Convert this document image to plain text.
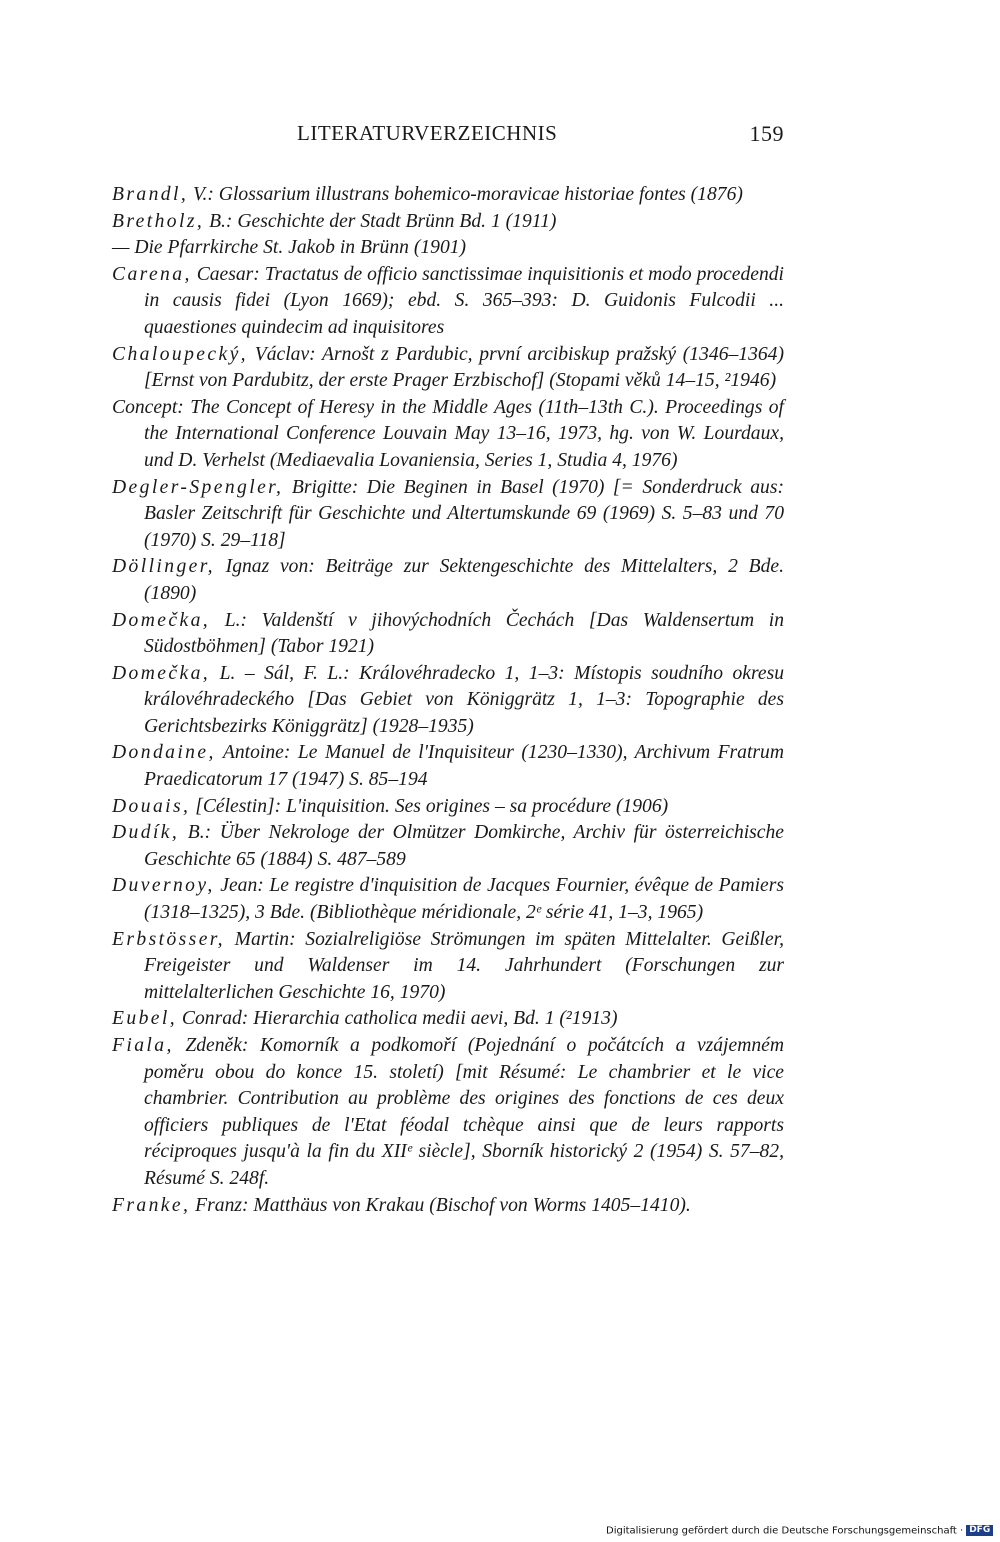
LITERATURVERZEICHNIS	159

Brandl, V.: Glossarium illustrans bohemico-moravicae historiae fontes (1876)

Bretholz, B.: Geschichte der Stadt Brünn Bd. 1 (1911)

— Die Pfarrkirche St. Jakob in Brünn (1901)

Carena, Caesar: Tractatus de officio sanctissimae inquisitionis et modo procedendi in causis fidei (Lyon 1669); ebd. S. 365–393: D. Guidonis Fulcodii ... quaestiones quindecim ad inquisitores

Chaloupecký, Václav: Arnošt z Pardubic, první arcibiskup pražský (1346–1364) [Ernst von Pardubitz, der erste Prager Erzbischof] (Stopami věků 14–15, ²1946)

Concept: The Concept of Heresy in the Middle Ages (11th–13th C.). Proceedings of the International Conference Louvain May 13–16, 1973, hg. von W. Lourdaux, und D. Verhelst (Mediaevalia Lovaniensia, Series 1, Studia 4, 1976)

Degler-Spengler, Brigitte: Die Beginen in Basel (1970) [= Sonderdruck aus: Basler Zeitschrift für Geschichte und Altertumskunde 69 (1969) S. 5–83 und 70 (1970) S. 29–118]

Döllinger, Ignaz von: Beiträge zur Sektengeschichte des Mittelalters, 2 Bde. (1890)

Domečka, L.: Valdenští v jihovýchodních Čechách [Das Waldensertum in Südostböhmen] (Tabor 1921)

Domečka, L. – Sál, F. L.: Královéhradecko 1, 1–3: Místopis soudního okresu královéhradeckého [Das Gebiet von Königgrätz 1, 1–3: Topographie des Gerichtsbezirks Königgrätz] (1928–1935)

Dondaine, Antoine: Le Manuel de l'Inquisiteur (1230–1330), Archivum Fratrum Praedicatorum 17 (1947) S. 85–194

Douais, [Célestin]: L'inquisition. Ses origines – sa procédure (1906)

Dudík, B.: Über Nekrologe der Olmützer Domkirche, Archiv für österreichische Geschichte 65 (1884) S. 487–589

Duvernoy, Jean: Le registre d'inquisition de Jacques Fournier, évêque de Pamiers (1318–1325), 3 Bde. (Bibliothèque méridionale, 2ᵉ série 41, 1–3, 1965)

Erbstösser, Martin: Sozialreligiöse Strömungen im späten Mittelalter. Geißler, Freigeister und Waldenser im 14. Jahrhundert (Forschungen zur mittelalterlichen Geschichte 16, 1970)

Eubel, Conrad: Hierarchia catholica medii aevi, Bd. 1 (²1913)

Fiala, Zdeněk: Komorník a podkomoří (Pojednání o počátcích a vzájemném poměru obou do konce 15. století) [mit Résumé: Le chambrier et le vice chambrier. Contribution au problème des origines des fonctions de ces deux officiers publiques de l'Etat féodal tchèque ainsi que de leurs rapports réciproques jusqu'à la fin du XIIᵉ siècle], Sborník historický 2 (1954) S. 57–82, Résumé S. 248f.

Franke, Franz: Matthäus von Krakau (Bischof von Worms 1405–1410).

Digitalisierung gefördert durch die Deutsche Forschungsgemeinschaft · DFG
